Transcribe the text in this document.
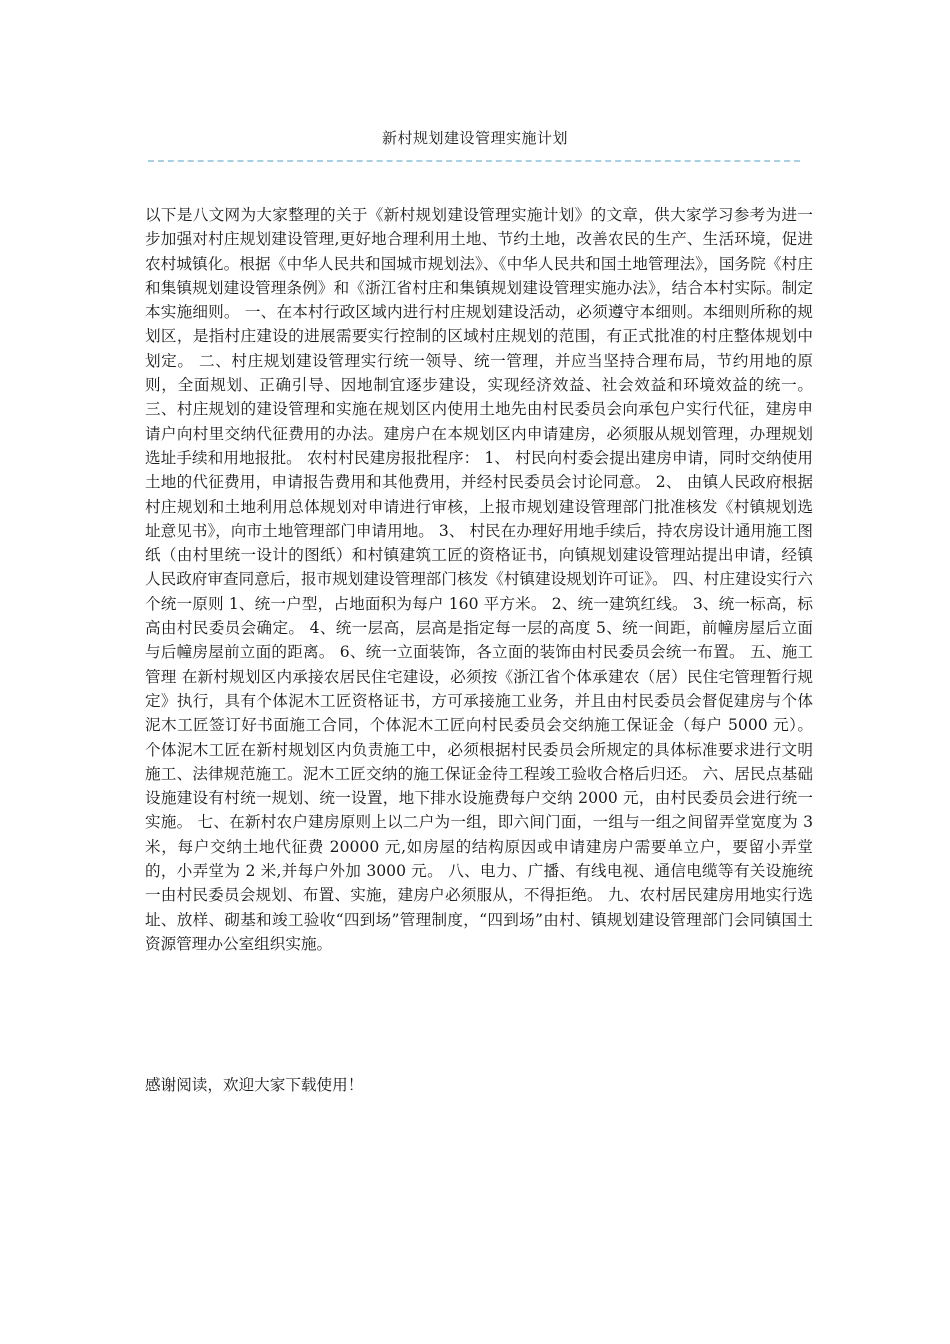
新村规划建设管理实施计划

以下是八文网为大家整理的关于《新村规划建设管理实施计划》的文章，供大家学习参考为进一步加强对村庄规划建设管理,更好地合理利用土地、节约土地，改善农民的生产、生活环境，促进农村城镇化。根据《中华人民共和国城市规划法》、《中华人民共和国土地管理法》，国务院《村庄和集镇规划建设管理条例》和《浙江省村庄和集镇规划建设管理实施办法》，结合本村实际。制定本实施细则。 一、在本村行政区域内进行村庄规划建设活动，必须遵守本细则。本细则所称的规划区，是指村庄建设的进展需要实行控制的区域村庄规划的范围，有正式批准的村庄整体规划中划定。 二、村庄规划建设管理实行统一领导、统一管理，并应当坚持合理布局，节约用地的原则，全面规划、正确引导、因地制宜逐步建设，实现经济效益、社会效益和环境效益的统一。 三、村庄规划的建设管理和实施在规划区内使用土地先由村民委员会向承包户实行代征，建房申请户向村里交纳代征费用的办法。建房户在本规划区内申请建房，必须服从规划管理，办理规划选址手续和用地报批。 农村村民建房报批程序： 1、 村民向村委会提出建房申请，同时交纳使用土地的代征费用，申请报告费用和其他费用，并经村民委员会讨论同意。 2、 由镇人民政府根据村庄规划和土地利用总体规划对申请进行审核，上报市规划建设管理部门批准核发《村镇规划选址意见书》，向市土地管理部门申请用地。 3、 村民在办理好用地手续后，持农房设计通用施工图纸（由村里统一设计的图纸）和村镇建筑工匠的资格证书，向镇规划建设管理站提出申请，经镇人民政府审查同意后，报市规划建设管理部门核发《村镇建设规划许可证》。 四、村庄建设实行六个统一原则 1、统一户型，占地面积为每户 160 平方米。 2、统一建筑红线。 3、统一标高，标高由村民委员会确定。 4、统一层高，层高是指定每一层的高度 5、统一间距，前幢房屋后立面与后幢房屋前立面的距离。 6、统一立面装饰，各立面的装饰由村民委员会统一布置。 五、施工管理 在新村规划区内承接农居民住宅建设，必须按《浙江省个体承建农（居）民住宅管理暂行规定》执行，具有个体泥木工匠资格证书，方可承接施工业务，并且由村民委员会督促建房与个体泥木工匠签订好书面施工合同，个体泥木工匠向村民委员会交纳施工保证金（每户 5000 元）。 个体泥木工匠在新村规划区内负责施工中，必须根据村民委员会所规定的具体标准要求进行文明施工、法律规范施工。泥木工匠交纳的施工保证金待工程竣工验收合格后归还。 六、居民点基础设施建设有村统一规划、统一设置，地下排水设施费每户交纳 2000 元，由村民委员会进行统一实施。 七、在新村农户建房原则上以二户为一组，即六间门面，一组与一组之间留弄堂宽度为 3 米，每户交纳土地代征费 20000 元,如房屋的结构原因或申请建房户需要单立户，要留小弄堂的，小弄堂为 2 米,并每户外加 3000 元。 八、电力、广播、有线电视、通信电缆等有关设施统一由村民委员会规划、布置、实施，建房户必须服从，不得拒绝。 九、农村居民建房用地实行选址、放样、砌基和竣工验收“四到场”管理制度，“四到场”由村、镇规划建设管理部门会同镇国土资源管理办公室组织实施。

感谢阅读，欢迎大家下载使用！
